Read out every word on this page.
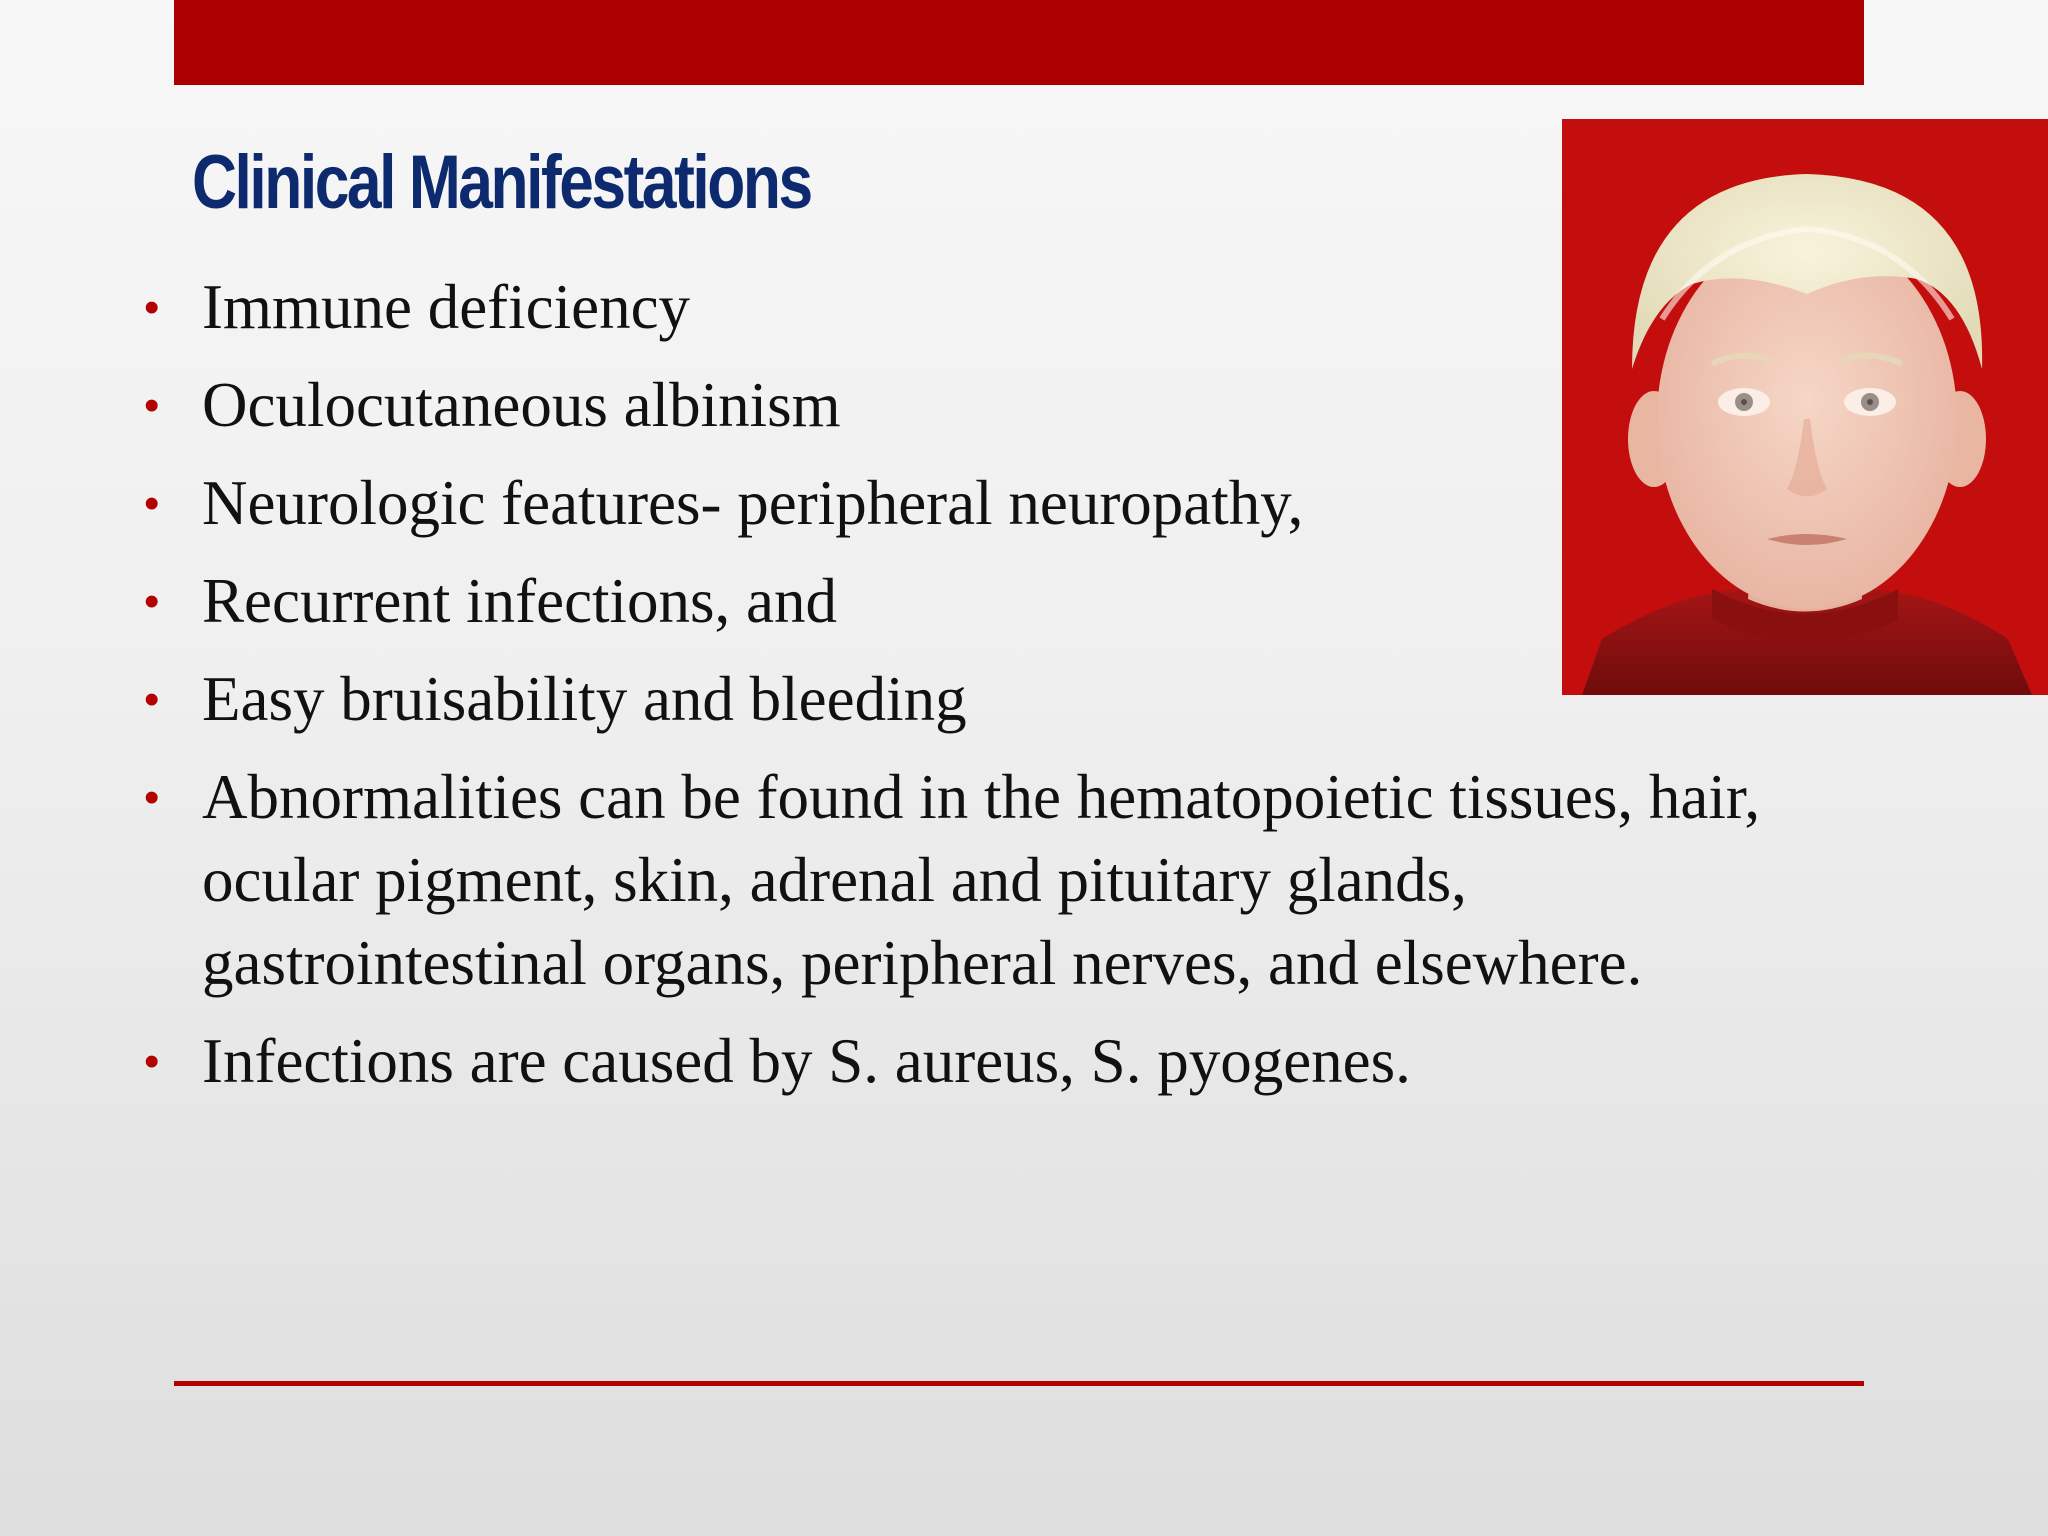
Clinical Manifestations
• Immune deficiency
• Oculocutaneous albinism
• Neurologic features- peripheral neuropathy,
• Recurrent infections, and
• Easy bruisability and bleeding
• Abnormalities can be found in the hematopoietic tissues, hair, ocular pigment, skin, adrenal and pituitary glands, gastrointestinal organs, peripheral nerves, and elsewhere.
• Infections are caused by S. aureus, S. pyogenes.
